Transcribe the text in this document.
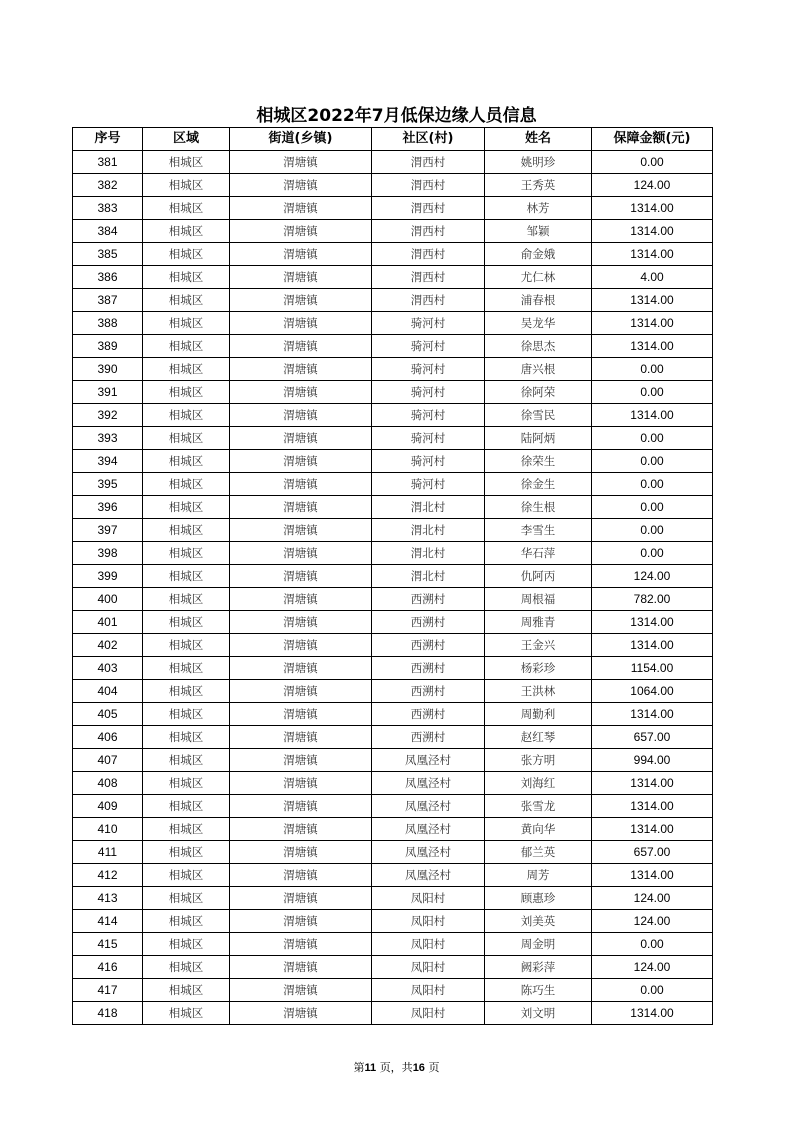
相城区2022年7月低保边缘人员信息
序号	区域	街道(乡镇)	社区(村)	姓名	保障金额(元)
381	相城区	渭塘镇	渭西村	姚明珍	0.00
382	相城区	渭塘镇	渭西村	王秀英	124.00
383	相城区	渭塘镇	渭西村	林芳	1314.00
384	相城区	渭塘镇	渭西村	邹颖	1314.00
385	相城区	渭塘镇	渭西村	俞金娥	1314.00
386	相城区	渭塘镇	渭西村	尤仁林	4.00
387	相城区	渭塘镇	渭西村	浦春根	1314.00
388	相城区	渭塘镇	骑河村	吴龙华	1314.00
389	相城区	渭塘镇	骑河村	徐思杰	1314.00
390	相城区	渭塘镇	骑河村	唐兴根	0.00
391	相城区	渭塘镇	骑河村	徐阿荣	0.00
392	相城区	渭塘镇	骑河村	徐雪民	1314.00
393	相城区	渭塘镇	骑河村	陆阿炳	0.00
394	相城区	渭塘镇	骑河村	徐荣生	0.00
395	相城区	渭塘镇	骑河村	徐金生	0.00
396	相城区	渭塘镇	渭北村	徐生根	0.00
397	相城区	渭塘镇	渭北村	李雪生	0.00
398	相城区	渭塘镇	渭北村	华石萍	0.00
399	相城区	渭塘镇	渭北村	仇阿丙	124.00
400	相城区	渭塘镇	西溯村	周根福	782.00
401	相城区	渭塘镇	西溯村	周雅青	1314.00
402	相城区	渭塘镇	西溯村	王金兴	1314.00
403	相城区	渭塘镇	西溯村	杨彩珍	1154.00
404	相城区	渭塘镇	西溯村	王洪林	1064.00
405	相城区	渭塘镇	西溯村	周勤利	1314.00
406	相城区	渭塘镇	西溯村	赵红琴	657.00
407	相城区	渭塘镇	凤凰泾村	张方明	994.00
408	相城区	渭塘镇	凤凰泾村	刘海红	1314.00
409	相城区	渭塘镇	凤凰泾村	张雪龙	1314.00
410	相城区	渭塘镇	凤凰泾村	黄向华	1314.00
411	相城区	渭塘镇	凤凰泾村	郁兰英	657.00
412	相城区	渭塘镇	凤凰泾村	周芳	1314.00
413	相城区	渭塘镇	凤阳村	顾惠珍	124.00
414	相城区	渭塘镇	凤阳村	刘美英	124.00
415	相城区	渭塘镇	凤阳村	周金明	0.00
416	相城区	渭塘镇	凤阳村	阙彩萍	124.00
417	相城区	渭塘镇	凤阳村	陈巧生	0.00
418	相城区	渭塘镇	凤阳村	刘文明	1314.00
第11 页，共16 页
